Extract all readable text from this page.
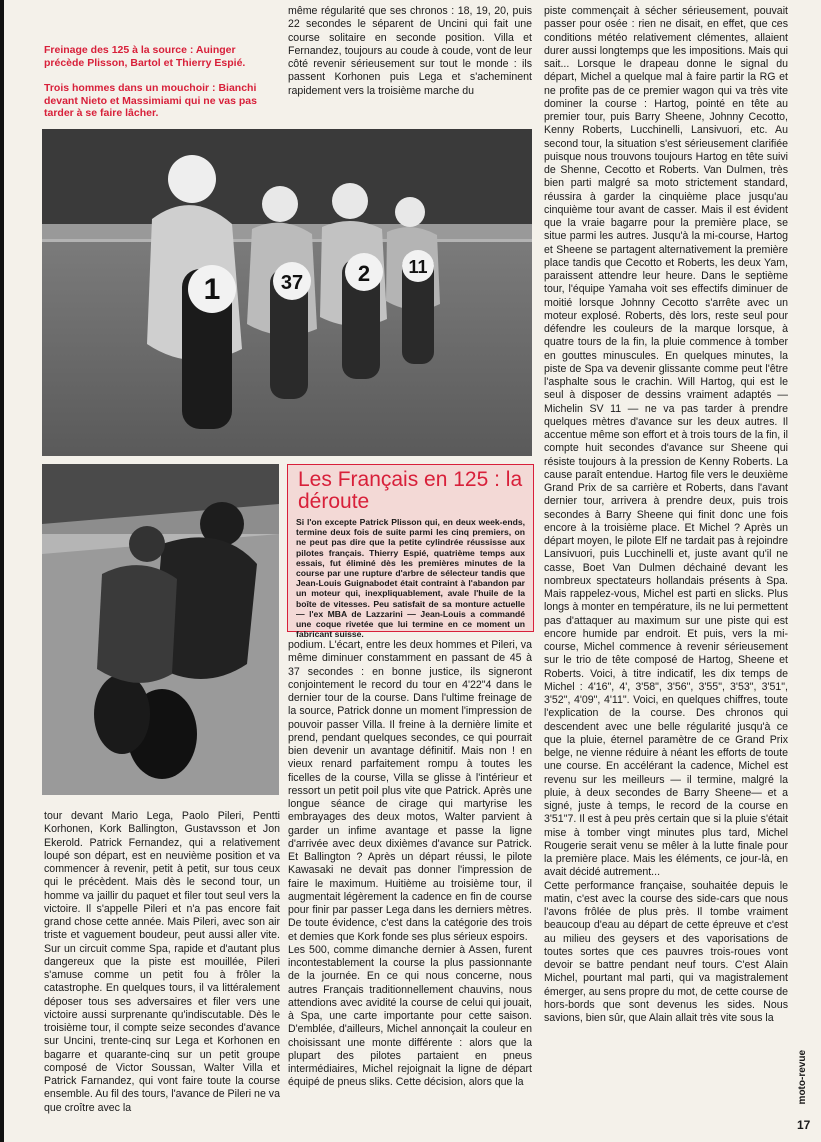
Freinage des 125 à la source : Auinger précède Plisson, Bartol et Thierry Espié.
Trois hommes dans un mouchoir : Bianchi devant Nieto et Massimiami qui ne vas pas tarder à se faire lâcher.

même régularité que ses chronos : 18, 19, 20, puis 22 secondes le séparent de Uncini qui fait une course solitaire en seconde position. Villa et Fernandez, toujours au coude à coude, vont de leur côté revenir sérieusement sur tout le monde : ils passent Korhonen puis Lega et s'acheminent rapidement vers la troisième marche du

1	37 2 11
Les Français en 125 : la déroute
Si l'on excepte Patrick Plisson qui, en deux week-ends, termine deux fois de suite parmi les cinq premiers, on ne peut pas dire que la petite cylindrée réussisse aux pilotes français. Thierry Espié, quatrième temps aux essais, fut éliminé dès les premières minutes de la course par une rupture d'arbre de sélecteur tandis que Jean-Louis Guignabodet était contraint à l'abandon par un moteur qui, inexpliquablement, avale l'huile de la boîte de vitesses. Peu satisfait de sa monture actuelle — l'ex MBA de Lazzarini — Jean-Louis a commandé une coque rivetée que lui termine en ce moment un fabricant suisse.

podium. L'écart, entre les deux hommes et Pileri, va même diminuer constamment en passant de 45 à 37 secondes : en bonne justice, ils signeront conjointement le record du tour en 4'22"4 dans le dernier tour de la course. Dans l'ultime freinage de la source, Patrick donne un moment l'impression de pouvoir passer Villa. Il freine à la dernière limite et prend, pendant quelques secondes, ce qui pourrait bien devenir un avantage définitif. Mais non ! en vieux renard parfaitement rompu à toutes les ficelles de la course, Villa se glisse à l'intérieur et ressort un petit poil plus vite que Patrick. Après une longue séance de cirage qui martyrise les embrayages des deux motos, Walter parvient à garder un infime avantage et passe la ligne d'arrivée avec deux dixièmes d'avance sur Patrick. Et Ballington ? Après un départ réussi, le pilote Kawasaki ne devait pas donner l'impression de faire le maximum. Huitième au troisième tour, il augmentait légèrement la cadence en fin de course pour finir par passer Lega dans les derniers mètres. De toute évidence, c'est dans la catégorie des trois et demies que Kork fonde ses plus sérieux espoirs.
Les 500, comme dimanche dernier à Assen, furent incontestablement la course la plus passionnante de la journée. En ce qui nous concerne, nous autres Français traditionnellement chauvins, nous attendions avec avidité la course de celui qui jouait, à Spa, une carte importante pour cette saison. D'emblée, d'ailleurs, Michel annonçait la couleur en choisissant une monte différente : alors que la plupart des pilotes partaient en pneus intermédiaires, Michel rejoignait la ligne de départ équipé de pneus sliks. Cette décision, alors que la

tour devant Mario Lega, Paolo Pileri, Pentti Korhonen, Kork Ballington, Gustavsson et Jon Ekerold. Patrick Fernandez, qui a relativement loupé son départ, est en neuvième position et va commencer à revenir, petit à petit, sur tous ceux qui le précèdent. Mais dès le second tour, un homme va jaillir du paquet et filer tout seul vers la victoire. Il s'appelle Pileri et n'a pas encore fait grand chose cette année. Mais Pileri, avec son air triste et vaguement boudeur, peut aussi aller vite. Sur un circuit comme Spa, rapide et d'autant plus dangereux que la piste est mouillée, Pileri s'amuse comme un petit fou à frôler la catastrophe. En quelques tours, il va littéralement déposer tous ses adversaires et filer vers une victoire aussi surprenante qu'indiscutable. Dès le troisième tour, il compte seize secondes d'avance sur Uncini, trente-cinq sur Lega et Korhonen en bagarre et quarante-cinq sur un petit groupe composé de Victor Soussan, Walter Villa et Patrick Farnandez, qui vont faire toute la course ensemble. Au fil des tours, l'avance de Pileri ne va que croître avec la

piste commençait à sécher sérieusement, pouvait passer pour osée : rien ne disait, en effet, que ces conditions météo relativement clémentes, allaient durer aussi longtemps que les impositions. Mais qui sait... Lorsque le drapeau donne le signal du départ, Michel a quelque mal à faire partir la RG et ne profite pas de ce premier wagon qui va très vite dominer la course : Hartog, pointé en tête au premier tour, puis Barry Sheene, Johnny Cecotto, Kenny Roberts, Lucchinelli, Lansivuori, etc. Au second tour, la situation s'est sérieusement clarifiée puisque nous trouvons toujours Hartog en tête suivi de Shenne, Cecotto et Roberts. Van Dulmen, très bien parti malgré sa moto strictement standard, réussira à garder la cinquième place jusqu'au cinquième tour avant de casser. Mais il est évident que la vraie bagarre pour la première place, se situe parmi les autres. Jusqu'à la mi-course, Hartog et Sheene se partagent alternativement la première place tandis que Cecotto et Roberts, les deux Yam, paraissent attendre leur heure. Dans le septième tour, l'équipe Yamaha voit ses effectifs diminuer de moitié lorsque Johnny Cecotto s'arrête avec un moteur explosé. Roberts, dès lors, reste seul pour défendre les couleurs de la marque lorsque, à quatre tours de la fin, la pluie commence à tomber en gouttes minuscules. En quelques minutes, la piste de Spa va devenir glissante comme peut l'être l'asphalte sous le crachin. Will Hartog, qui est le seul à disposer de dessins vraiment adaptés — Michelin SV 11 — ne va pas tarder à prendre quelques mètres d'avance sur les deux autres. Il accentue même son effort et à trois tours de la fin, il compte huit secondes d'avance sur Sheene qui résiste toujours à la pression de Kenny Roberts. La cause paraît entendue. Hartog file vers le deuxième Grand Prix de sa carrière et Roberts, dans l'avant dernier tour, arrivera à prendre deux, puis trois secondes à Barry Sheene qui finit donc une fois encore à la troisième place. Et Michel ? Après un départ moyen, le pilote Elf ne tardait pas à rejoindre Lansivuori, puis Lucchinelli et, juste avant qu'il ne casse, Boet Van Dulmen déchainé devant les nombreux spectateurs hollandais présents à Spa. Mais rappelez-vous, Michel est parti en slicks. Plus longs à monter en température, ils ne lui permettent pas d'attaquer au maximum sur une piste qui est encore humide par endroit. Et puis, vers la mi-course, Michel commence à revenir sérieusement sur le trio de tête composé de Hartog, Sheene et Roberts. Voici, à titre indicatif, les dix temps de Michel : 4'16", 4', 3'58", 3'56", 3'55", 3'53", 3'51", 3'52", 4'09", 4'11". Voici, en quelques chiffres, toute l'explication de la course. Des chronos qui descendent avec une belle régularité jusqu'à ce que la pluie, éternel paramètre de ce Grand Prix belge, ne vienne réduire à néant les efforts de toute une course. En accélérant la cadence, Michel est revenu sur les meilleurs — il termine, malgré la pluie, à deux secondes de Barry Sheene— et a signé, juste à temps, le record de la course en 3'51"7. Il est à peu près certain que si la pluie s'était mise à tomber vingt minutes plus tard, Michel Rougerie serait venu se mêler à la lutte finale pour la première place. Mais les éléments, ce jour-là, en avait décidé autrement...
Cette performance française, souhaitée depuis le matin, c'est avec la course des side-cars que nous l'avons frôlée de plus près. Il tombe vraiment beaucoup d'eau au départ de cette épreuve et c'est au milieu des geysers et des vaporisations de toutes sortes que ces pauvres trois-roues vont devoir se battre pendant neuf tours. C'est Alain Michel, pourtant mal parti, qui va magistralement émerger, au sens propre du mot, de cette course de hors-bords que sont devenus les sides. Nous savions, bien sûr, que Alain allait très vite sous la

moto-revue
17
